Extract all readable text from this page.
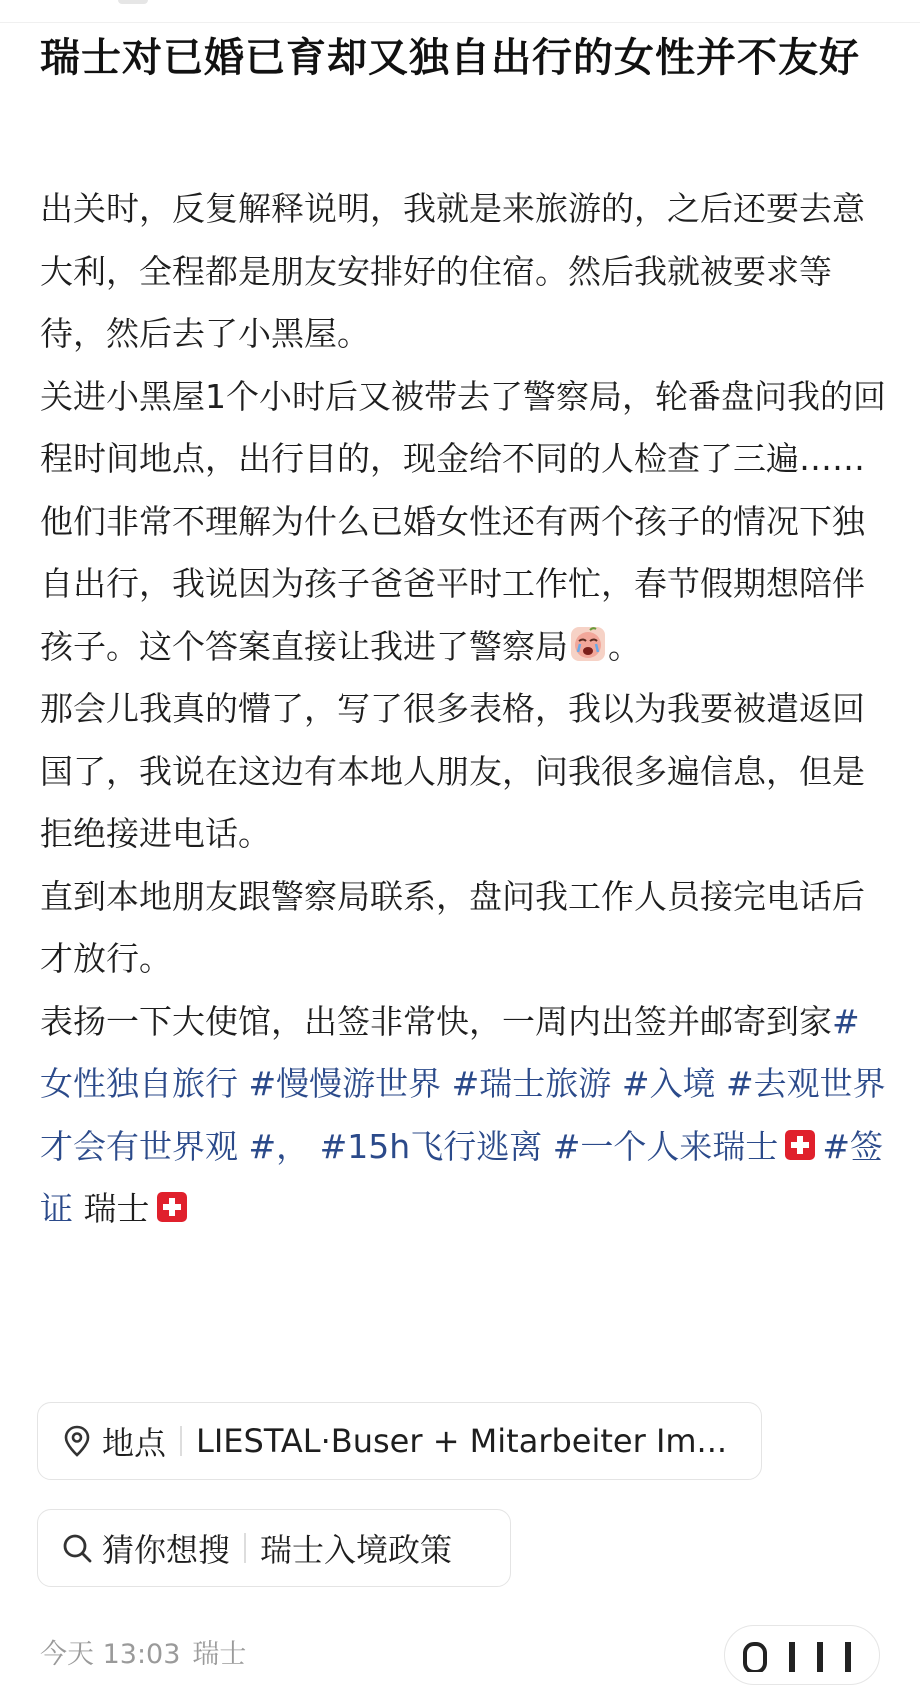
瑞士对已婚已育却又独自出行的女性并不友好

出关时，反复解释说明，我就是来旅游的，之后还要去意大利，全程都是朋友安排好的住宿。然后我就被要求等待，然后去了小黑屋。

关进小黑屋1个小时后又被带去了警察局，轮番盘问我的回程时间地点，出行目的，现金给不同的人检查了三遍……

他们非常不理解为什么已婚女性还有两个孩子的情况下独自出行，我说因为孩子爸爸平时工作忙，春节假期想陪伴孩子。这个答案直接让我进了警察局 。

那会儿我真的懵了，写了很多表格，我以为我要被遣返回国了，我说在这边有本地人朋友，问我很多遍信息，但是拒绝接进电话。

直到本地朋友跟警察局联系，盘问我工作人员接完电话后才放行。

表扬一下大使馆，出签非常快，一周内出签并邮寄到家#女性独自旅行 #慢慢游世界 #瑞士旅游 #入境 #去观世界才会有世界观 #， #15h飞行逃离 #一个人来瑞士 #签证 瑞士

地点 LIESTAL·Buser + Mitarbeiter Im...
猜你想搜 瑞士入境政策
今天 13:03 瑞士
